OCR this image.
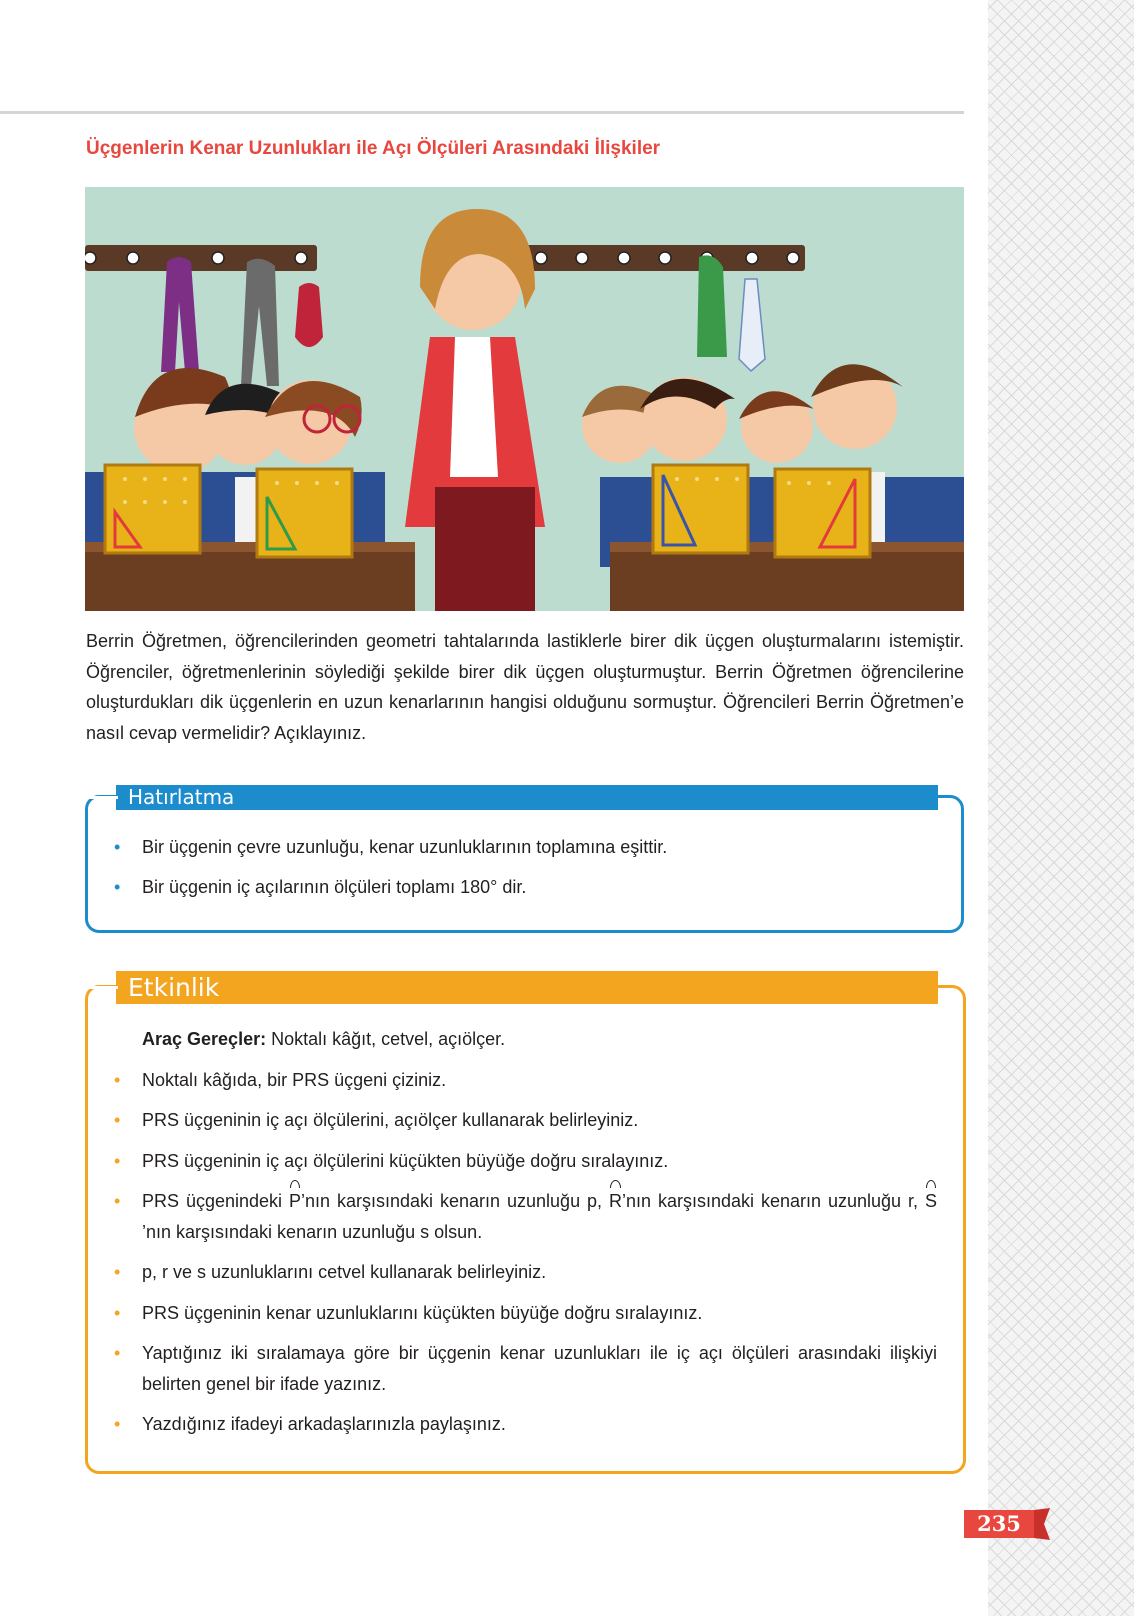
Üçgenlerin Kenar Uzunlukları ile Açı Ölçüleri Arasındaki İlişkiler

Berrin Öğretmen, öğrencilerinden geometri tahtalarında lastiklerle birer dik üçgen oluşturmalarını istemiştir. Öğrenciler, öğretmenlerinin söylediği şekilde birer dik üçgen oluşturmuştur. Berrin Öğretmen öğrencilerine oluşturdukları dik üçgenlerin en uzun kenarlarının hangisi olduğunu sormuştur. Öğrencileri Berrin Öğretmen’e nasıl cevap vermelidir? Açıklayınız.

Hatırlatma
• Bir üçgenin çevre uzunluğu, kenar uzunluklarının toplamına eşittir.
• Bir üçgenin iç açılarının ölçüleri toplamı 180° dir.
Etkinlik
Araç Gereçler: Noktalı kâğıt, cetvel, açıölçer.
• Noktalı kâğıda, bir PRS üçgeni çiziniz.
• PRS üçgeninin iç açı ölçülerini, açıölçer kullanarak belirleyiniz.
• PRS üçgeninin iç açı ölçülerini küçükten büyüğe doğru sıralayınız.
• PRS üçgenindeki P’nın karşısındaki kenarın uzunluğu p, R’nın karşısındaki kenarın uzunluğu r, S’nın karşısındaki kenarın uzunluğu s olsun.
• p, r ve s uzunluklarını cetvel kullanarak belirleyiniz.
• PRS üçgeninin kenar uzunluklarını küçükten büyüğe doğru sıralayınız.
• Yaptığınız iki sıralamaya göre bir üçgenin kenar uzunlukları ile iç açı ölçüleri arasındaki ilişkiyi belirten genel bir ifade yazınız.
• Yazdığınız ifadeyi arkadaşlarınızla paylaşınız.
235
